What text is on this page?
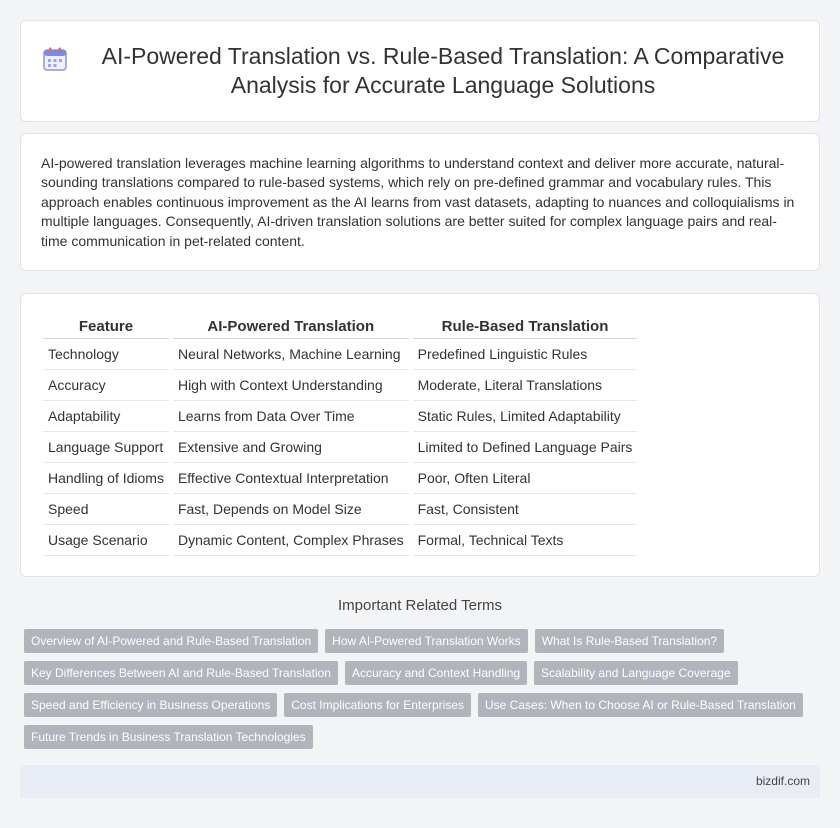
AI-Powered Translation vs. Rule-Based Translation: A Comparative Analysis for Accurate Language Solutions

AI-powered translation leverages machine learning algorithms to understand context and deliver more accurate, natural-sounding translations compared to rule-based systems, which rely on pre-defined grammar and vocabulary rules. This approach enables continuous improvement as the AI learns from vast datasets, adapting to nuances and colloquialisms in multiple languages. Consequently, AI-driven translation solutions are better suited for complex language pairs and real-time communication in pet-related content.

Feature	AI-Powered Translation	Rule-Based Translation
Technology	Neural Networks, Machine Learning	Predefined Linguistic Rules
Accuracy	High with Context Understanding	Moderate, Literal Translations
Adaptability	Learns from Data Over Time	Static Rules, Limited Adaptability
Language Support	Extensive and Growing	Limited to Defined Language Pairs
Handling of Idioms	Effective Contextual Interpretation	Poor, Often Literal
Speed	Fast, Depends on Model Size	Fast, Consistent
Usage Scenario	Dynamic Content, Complex Phrases	Formal, Technical Texts
Important Related Terms
Overview of AI-Powered and Rule-Based Translation	How AI-Powered Translation Works	What Is Rule-Based Translation?
Key Differences Between AI and Rule-Based Translation	Accuracy and Context Handling	Scalability and Language Coverage
Speed and Efficiency in Business Operations	Cost Implications for Enterprises	Use Cases: When to Choose AI or Rule-Based Translation
Future Trends in Business Translation Technologies
bizdif.com
